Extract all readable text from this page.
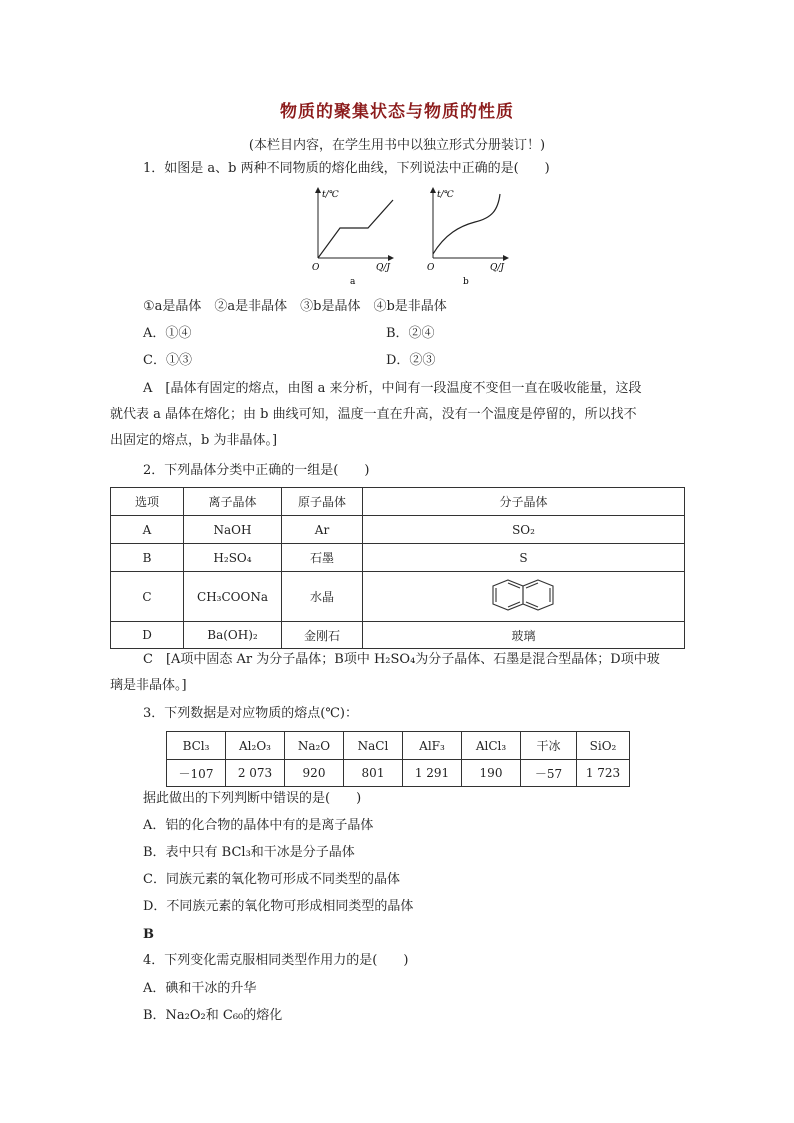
物质的聚集状态与物质的性质
(本栏目内容，在学生用书中以独立形式分册装订！)
1．如图是 a、b 两种不同物质的熔化曲线，下列说法中正确的是(　　)
t/℃
O	Q/J
a
t/℃
O	Q/J
b
①a是晶体　②a是非晶体　③b是晶体　④b是非晶体
A．①④	B．②④
C．①③	D．②③
A　[晶体有固定的熔点，由图 a 来分析，中间有一段温度不变但一直在吸收能量，这段
就代表 a 晶体在熔化；由 b 曲线可知，温度一直在升高，没有一个温度是停留的，所以找不
出固定的熔点，b 为非晶体。]
2．下列晶体分类中正确的一组是(　　)
选项	离子晶体	原子晶体	分子晶体
A	NaOH	Ar	SO₂
B	H₂SO₄	石墨	S
C	CH₃COONa	水晶	
D	Ba(OH)₂	金刚石	玻璃
C　[A项中固态 Ar 为分子晶体；B项中 H₂SO₄为分子晶体、石墨是混合型晶体；D项中玻
璃是非晶体。]
3．下列数据是对应物质的熔点(℃)：
BCl₃	Al₂O₃	Na₂O	NaCl	AlF₃	AlCl₃	干冰	SiO₂
－107	2 073	920	801	1 291	190	－57	1 723
据此做出的下列判断中错误的是(　　)
A．铝的化合物的晶体中有的是离子晶体
B．表中只有 BCl₃和干冰是分子晶体
C．同族元素的氧化物可形成不同类型的晶体
D．不同族元素的氧化物可形成相同类型的晶体
B
4．下列变化需克服相同类型作用力的是(　　)
A．碘和干冰的升华
B．Na₂O₂和 C₆₀的熔化
